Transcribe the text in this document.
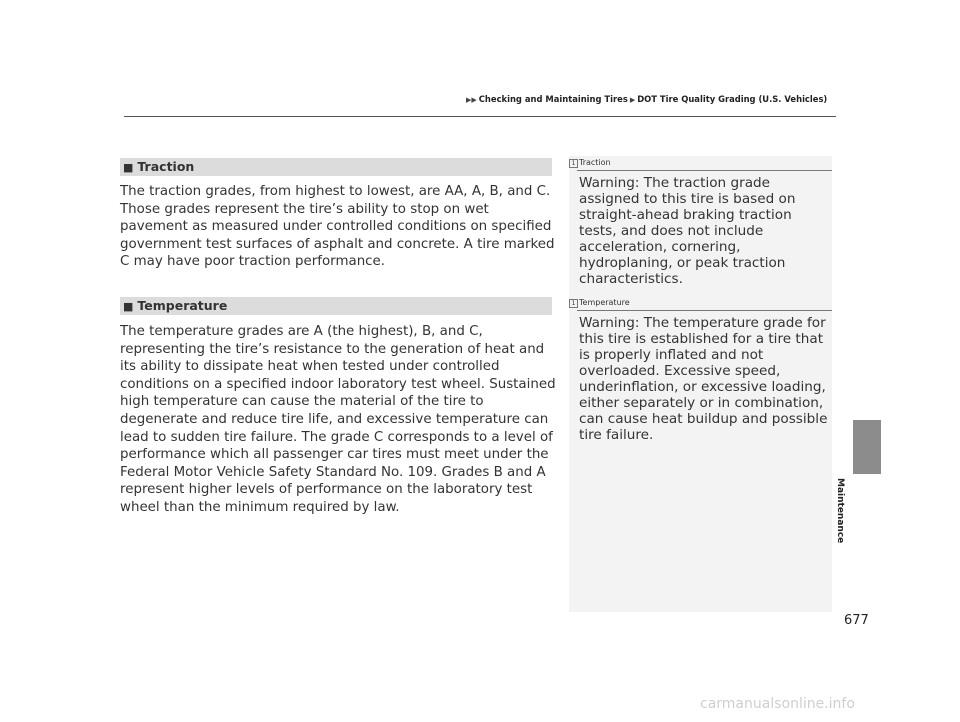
▶▶ Checking and Maintaining Tires ▶ DOT Tire Quality Grading (U.S. Vehicles)
■ Traction

The traction grades, from highest to lowest, are AA, A, B, and C. Those grades represent the tire’s ability to stop on wet pavement as measured under controlled conditions on specified government test surfaces of asphalt and concrete. A tire marked C may have poor traction performance.

■ Temperature

The temperature grades are A (the highest), B, and C, representing the tire’s resistance to the generation of heat and its ability to dissipate heat when tested under controlled conditions on a specified indoor laboratory test wheel. Sustained high temperature can cause the material of the tire to degenerate and reduce tire life, and excessive temperature can lead to sudden tire failure. The grade C corresponds to a level of performance which all passenger car tires must meet under the Federal Motor Vehicle Safety Standard No. 109. Grades B and A represent higher levels of performance on the laboratory test wheel than the minimum required by law.

1 Traction

Warning: The traction grade assigned to this tire is based on straight-ahead braking traction tests, and does not include acceleration, cornering, hydroplaning, or peak traction characteristics.

1 Temperature

Warning: The temperature grade for this tire is established for a tire that is properly inflated and not overloaded. Excessive speed, underinflation, or excessive loading, either separately or in combination, can cause heat buildup and possible tire failure.

Maintenance
677
carmanualsonline.info
